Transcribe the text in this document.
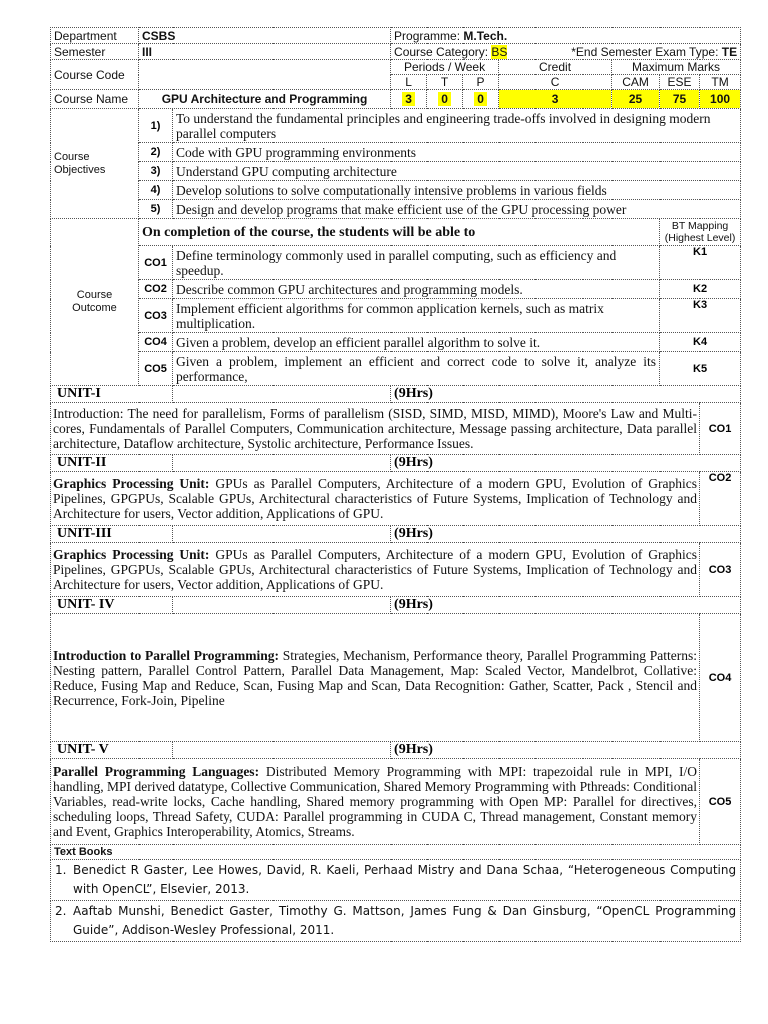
Department	CSBS		Programme: M.Tech.							
Semester	III		Course Category: BS				*End Semester Exam Type: TE			
Course Code			Periods / Week			Credit		Maximum Marks		
			L	T	P	C		CAM	ESE	TM
Course Name	GPU Architecture and Programming		3	0	0	3		25	75	100
Course Objectives	1)	To understand the fundamental principles and engineering trade-offs involved in designing modern parallel computers								
	2)	Code with GPU programming environments								
	3)	Understand GPU computing architecture								
	4)	Develop solutions to solve computationally intensive problems in various fields								
	5)	Design and develop programs that make efficient use of the GPU processing power								
Course Outcome	On completion of the course, the students will be able to								BT Mapping (Highest Level)	
	CO1	Define terminology commonly used in parallel computing, such as efficiency and speedup.							K1	
	CO2	Describe common GPU architectures and programming models.							K2	
	CO3	Implement efficient algorithms for common application kernels, such as matrix multiplication.							K3	
	CO4	Given a problem, develop an efficient parallel algorithm to solve it.							K4	
	CO5	Given a problem, implement an efficient and correct code to solve it, analyze its performance,							K5	
UNIT-I			(9Hrs)							
Introduction: The need for parallelism, Forms of parallelism (SISD, SIMD, MISD, MIMD), Moore's Law and Multi-cores, Fundamentals of Parallel Computers, Communication architecture, Message passing architecture, Data parallel architecture, Dataflow architecture, Systolic architecture, Performance Issues.										CO1
UNIT-II			(9Hrs)							
Graphics Processing Unit: GPUs as Parallel Computers, Architecture of a modern GPU, Evolution of Graphics Pipelines, GPGPUs, Scalable GPUs, Architectural characteristics of Future Systems, Implication of Technology and Architecture for users, Vector addition, Applications of GPU.										CO2
UNIT-III			(9Hrs)							
Graphics Processing Unit: GPUs as Parallel Computers, Architecture of a modern GPU, Evolution of Graphics Pipelines, GPGPUs, Scalable GPUs, Architectural characteristics of Future Systems, Implication of Technology and Architecture for users, Vector addition, Applications of GPU.										CO3
UNIT- IV			(9Hrs)							
Introduction to Parallel Programming: Strategies, Mechanism, Performance theory, Parallel Programming Patterns: Nesting pattern, Parallel Control Pattern, Parallel Data Management, Map: Scaled Vector, Mandelbrot, Collative: Reduce, Fusing Map and Reduce, Scan, Fusing Map and Scan, Data Recognition: Gather, Scatter, Pack , Stencil and Recurrence, Fork-Join, Pipeline										CO4
UNIT- V			(9Hrs)							
Parallel Programming Languages: Distributed Memory Programming with MPI: trapezoidal rule in MPI, I/O handling, MPI derived datatype, Collective Communication, Shared Memory Programming with Pthreads: Conditional Variables, read-write locks, Cache handling, Shared memory programming with Open MP: Parallel for directives, scheduling loops, Thread Safety, CUDA: Parallel programming in CUDA C, Thread management, Constant memory and Event, Graphics Interoperability, Atomics, Streams.										CO5
Text Books										

1. Benedict R Gaster, Lee Howes, David, R. Kaeli, Perhaad Mistry and Dana Schaa, “Heterogeneous Computing with OpenCL”, Elsevier, 2013.										

2. Aaftab Munshi, Benedict Gaster, Timothy G. Mattson, James Fung & Dan Ginsburg, “OpenCL Programming Guide”, Addison-Wesley Professional, 2011.										
